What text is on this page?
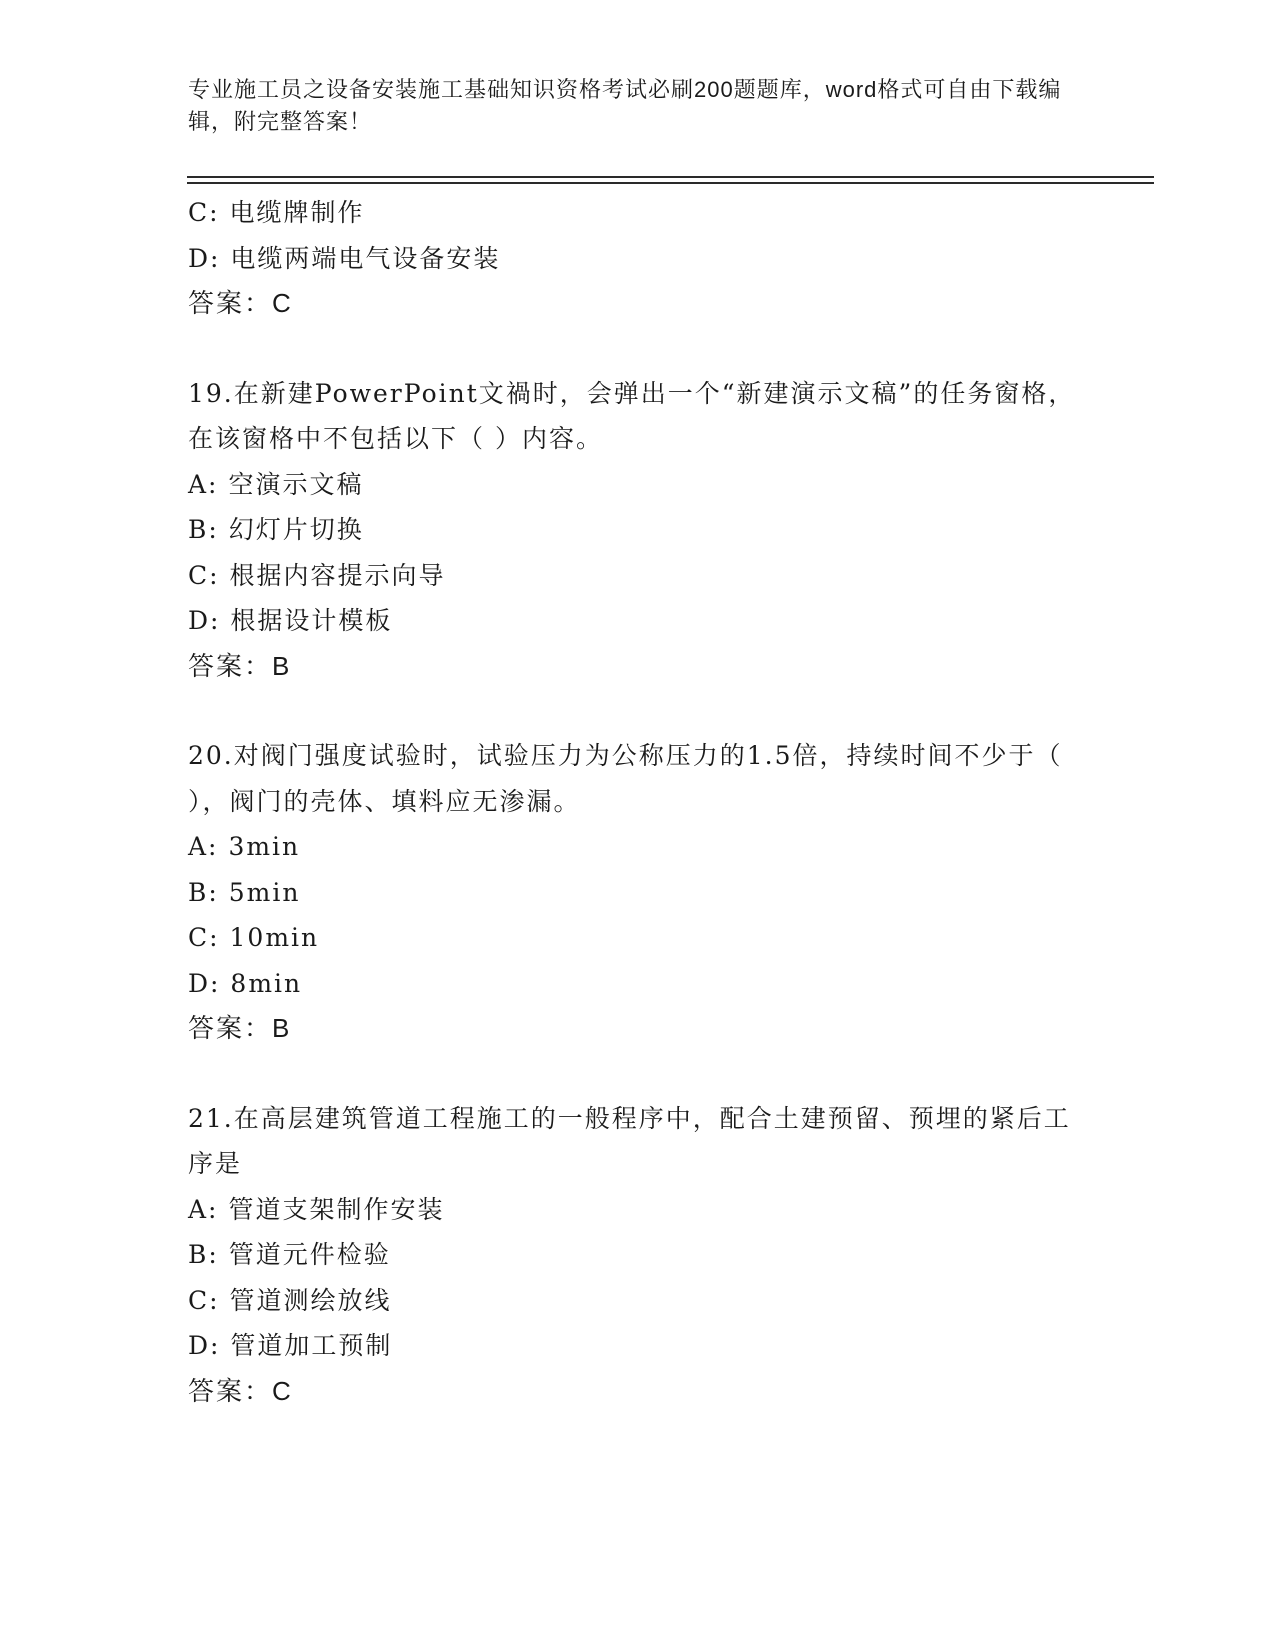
专业施工员之设备安装施工基础知识资格考试必刷200题题库，word格式可自由下载编辑，附完整答案！

C: 电缆牌制作

D: 电缆两端电气设备安装

答案：C

19.在新建PowerPoint文禍时，会弹出一个“新建演示文稿”的任务窗格，在该窗格中不包括以下（ ）内容。

A: 空演示文稿

B: 幻灯片切换

C: 根据内容提示向导

D: 根据设计模板

答案：B

20.对阀门强度试验时，试验压力为公称压力的1.5倍，持续时间不少于（ ），阀门的壳体、填料应无渗漏。

A: 3min

B: 5min

C: 10min

D: 8min

答案：B

21.在高层建筑管道工程施工的一般程序中，配合土建预留、预埋的紧后工序是

A: 管道支架制作安装

B: 管道元件检验

C: 管道测绘放线

D: 管道加工预制

答案：C
